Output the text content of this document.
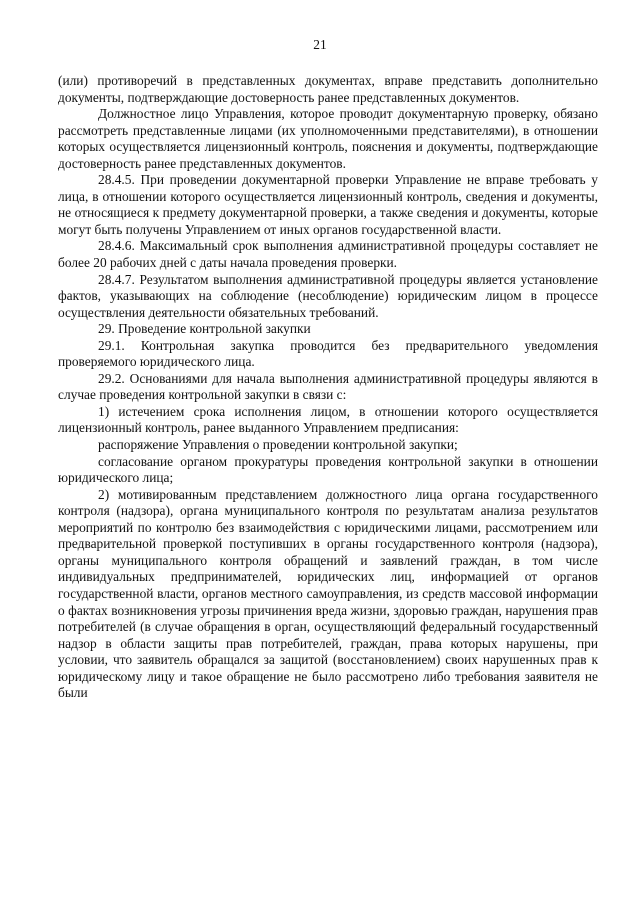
21

(или) противоречий в представленных документах, вправе представить дополнительно документы, подтверждающие достоверность ранее представленных документов.

Должностное лицо Управления, которое проводит документарную проверку, обязано рассмотреть представленные лицами (их уполномоченными представителями), в отношении которых осуществляется лицензионный контроль, пояснения и документы, подтверждающие достоверность ранее представленных документов.

28.4.5. При проведении документарной проверки Управление не вправе требовать у лица, в отношении которого осуществляется лицензионный контроль, сведения и документы, не относящиеся к предмету документарной проверки, а также сведения и документы, которые могут быть получены Управлением от иных органов государственной власти.

28.4.6. Максимальный срок выполнения административной процедуры составляет не более 20 рабочих дней с даты начала проведения проверки.

28.4.7. Результатом выполнения административной процедуры является установление фактов, указывающих на соблюдение (несоблюдение) юридическим лицом в процессе осуществления деятельности обязательных требований.

29. Проведение контрольной закупки

29.1. Контрольная закупка проводится без предварительного уведомления проверяемого юридического лица.

29.2. Основаниями для начала выполнения административной процедуры являются в случае проведения контрольной закупки в связи с:

1) истечением срока исполнения лицом, в отношении которого осуществляется лицензионный контроль, ранее выданного Управлением предписания:

распоряжение Управления о проведении контрольной закупки;

согласование органом прокуратуры проведения контрольной закупки в отношении юридического лица;

2) мотивированным представлением должностного лица органа государственного контроля (надзора), органа муниципального контроля по результатам анализа результатов мероприятий по контролю без взаимодействия с юридическими лицами, рассмотрением или предварительной проверкой поступивших в органы государственного контроля (надзора), органы муниципального контроля обращений и заявлений граждан, в том числе индивидуальных предпринимателей, юридических лиц, информацией от органов государственной власти, органов местного самоуправления, из средств массовой информации о фактах возникновения угрозы причинения вреда жизни, здоровью граждан, нарушения прав потребителей (в случае обращения в орган, осуществляющий федеральный государственный надзор в области защиты прав потребителей, граждан, права которых нарушены, при условии, что заявитель обращался за защитой (восстановлением) своих нарушенных прав к юридическому лицу и такое обращение не было рассмотрено либо требования заявителя не были
